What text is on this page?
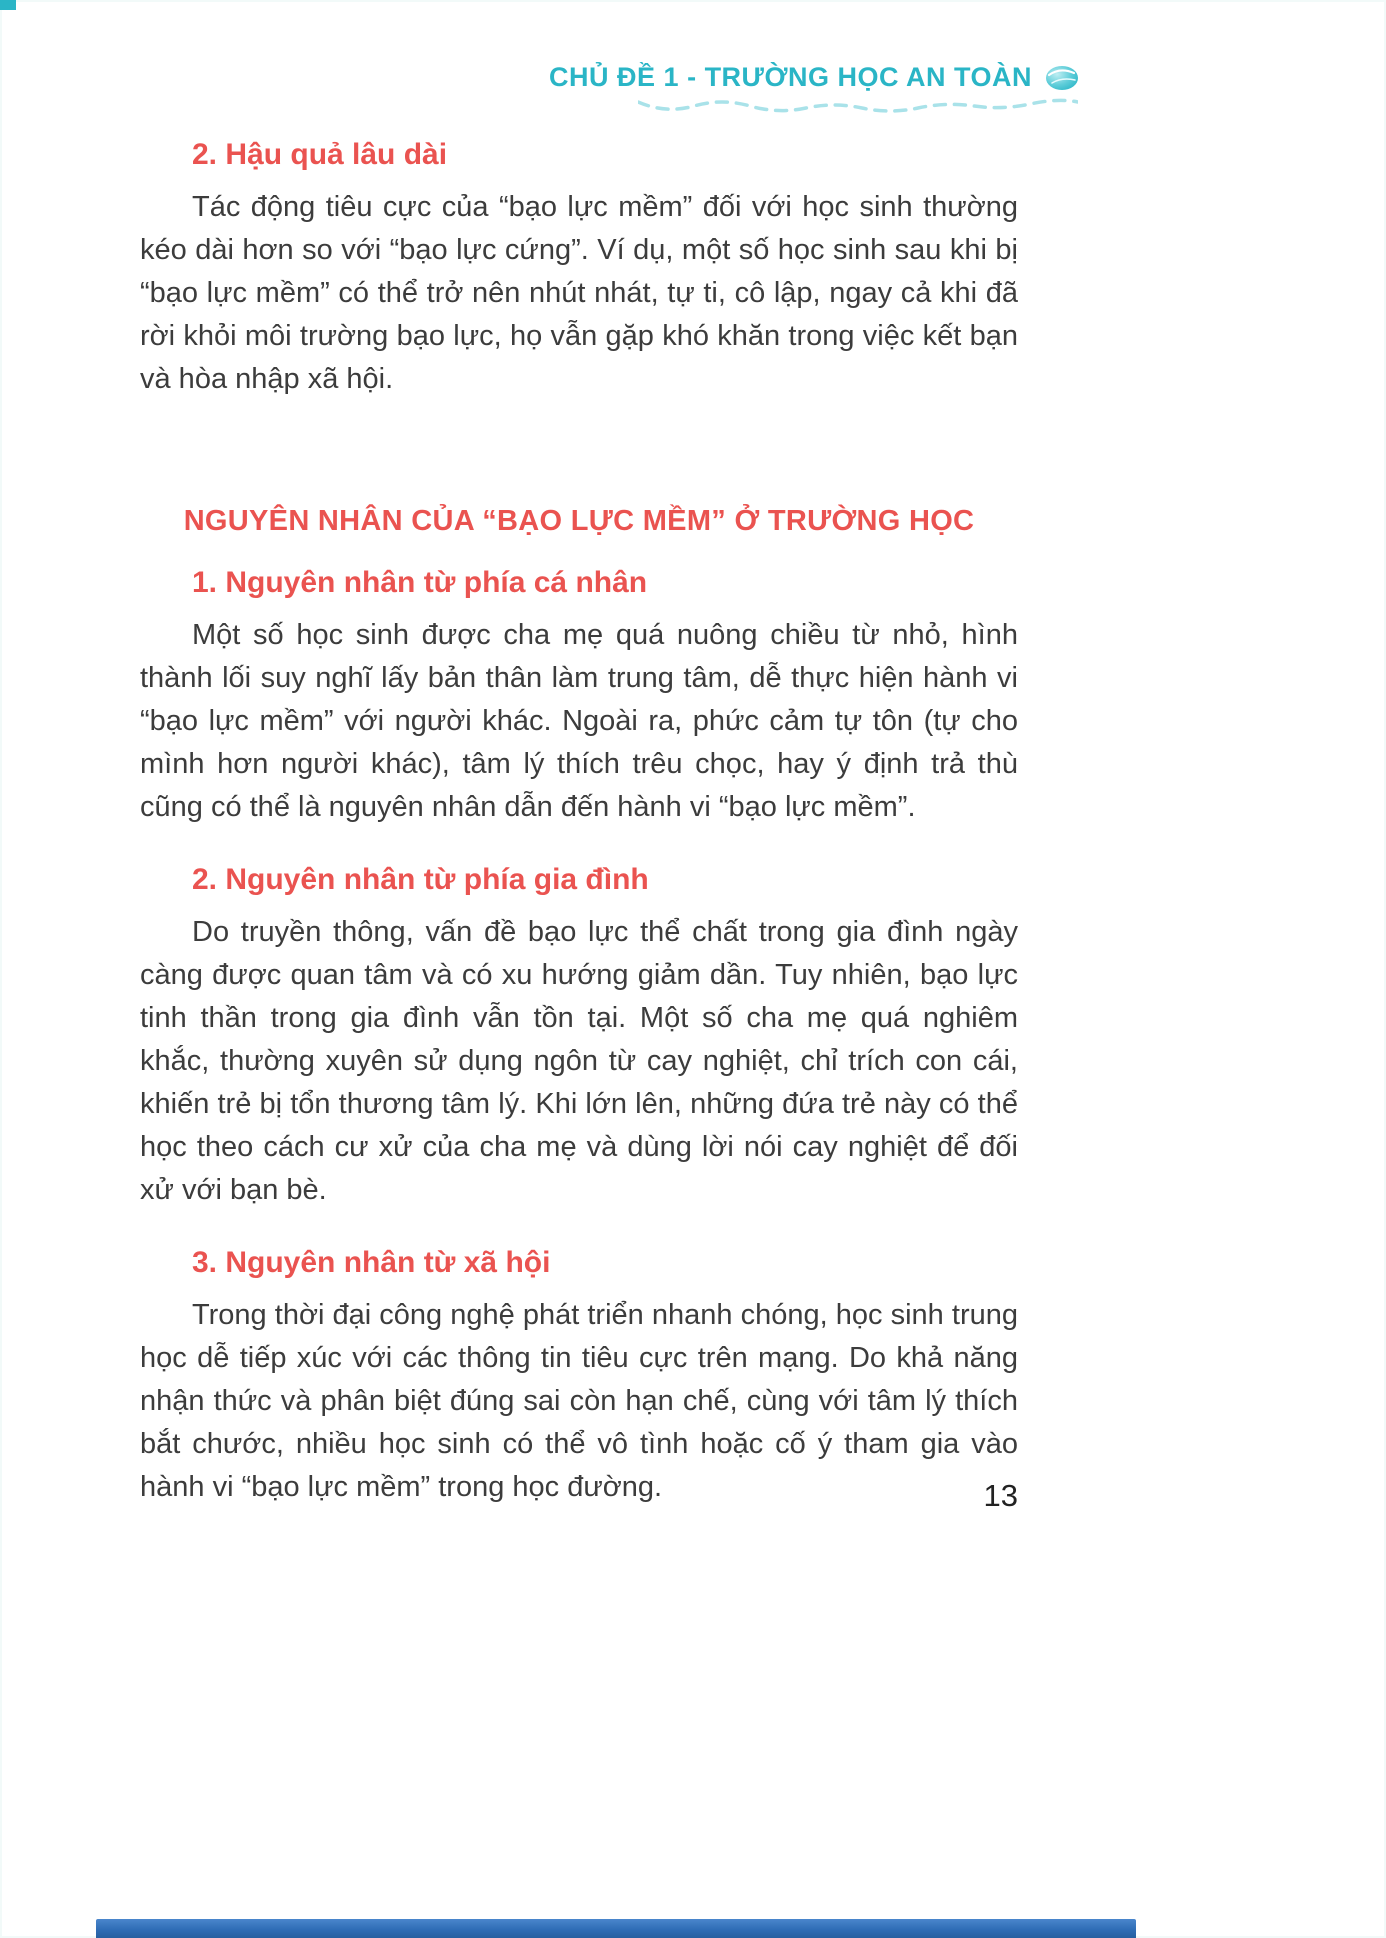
CHỦ ĐỀ 1 - TRƯỜNG HỌC AN TOÀN
2. Hậu quả lâu dài

Tác động tiêu cực của “bạo lực mềm” đối với học sinh thường kéo dài hơn so với “bạo lực cứng”. Ví dụ, một số học sinh sau khi bị “bạo lực mềm” có thể trở nên nhút nhát, tự ti, cô lập, ngay cả khi đã rời khỏi môi trường bạo lực, họ vẫn gặp khó khăn trong việc kết bạn và hòa nhập xã hội.

NGUYÊN NHÂN CỦA “BẠO LỰC MỀM” Ở TRƯỜNG HỌC
1. Nguyên nhân từ phía cá nhân

Một số học sinh được cha mẹ quá nuông chiều từ nhỏ, hình thành lối suy nghĩ lấy bản thân làm trung tâm, dễ thực hiện hành vi “bạo lực mềm” với người khác. Ngoài ra, phức cảm tự tôn (tự cho mình hơn người khác), tâm lý thích trêu chọc, hay ý định trả thù cũng có thể là nguyên nhân dẫn đến hành vi “bạo lực mềm”.

2. Nguyên nhân từ phía gia đình

Do truyền thông, vấn đề bạo lực thể chất trong gia đình ngày càng được quan tâm và có xu hướng giảm dần. Tuy nhiên, bạo lực tinh thần trong gia đình vẫn tồn tại. Một số cha mẹ quá nghiêm khắc, thường xuyên sử dụng ngôn từ cay nghiệt, chỉ trích con cái, khiến trẻ bị tổn thương tâm lý. Khi lớn lên, những đứa trẻ này có thể học theo cách cư xử của cha mẹ và dùng lời nói cay nghiệt để đối xử với bạn bè.

3. Nguyên nhân từ xã hội

Trong thời đại công nghệ phát triển nhanh chóng, học sinh trung học dễ tiếp xúc với các thông tin tiêu cực trên mạng. Do khả năng nhận thức và phân biệt đúng sai còn hạn chế, cùng với tâm lý thích bắt chước, nhiều học sinh có thể vô tình hoặc cố ý tham gia vào hành vi “bạo lực mềm” trong học đường.	13
